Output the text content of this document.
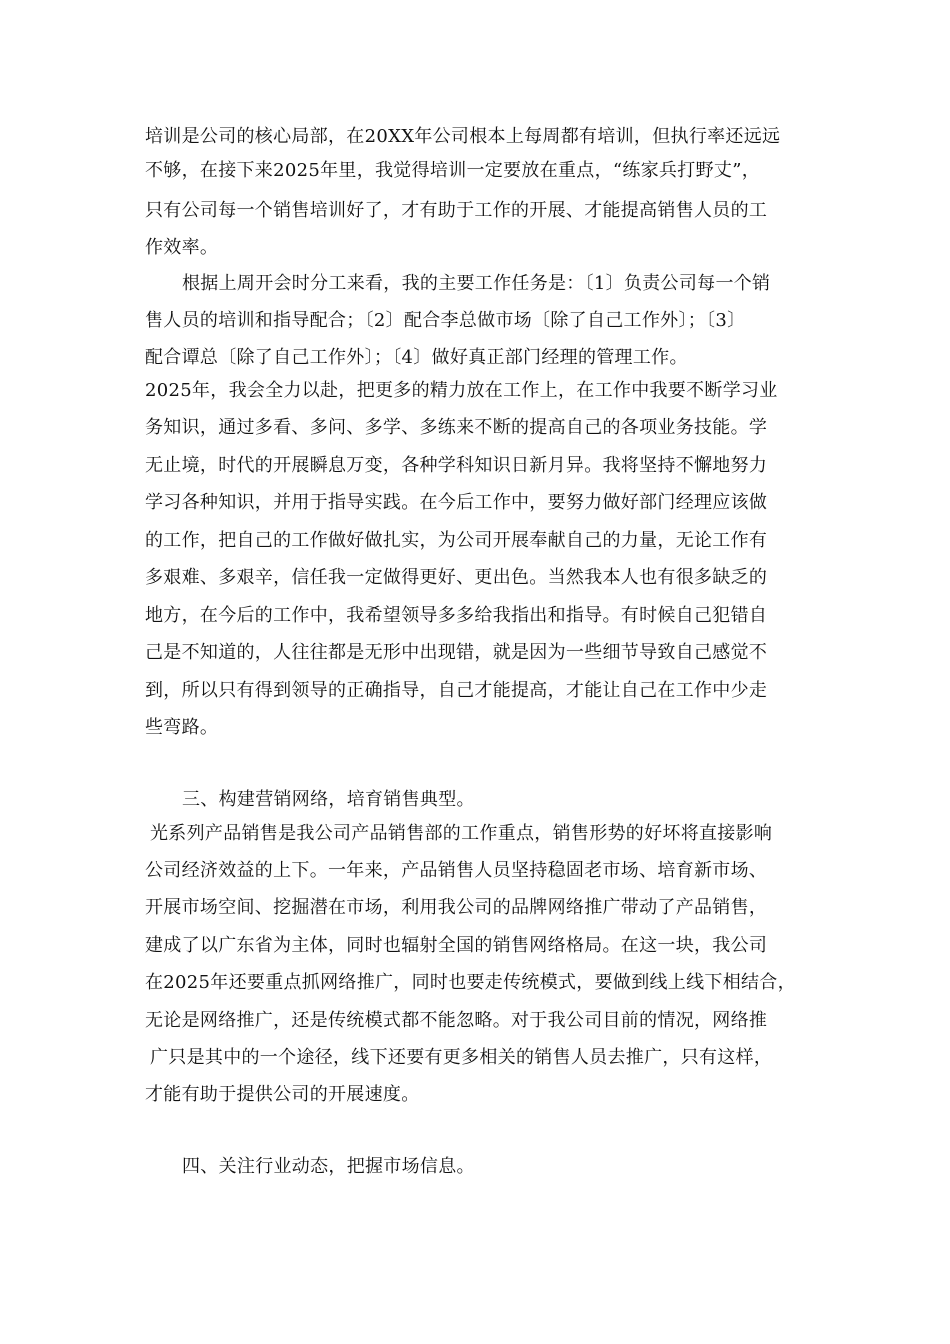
培训是公司的核心局部，在20XX年公司根本上每周都有培训，但执行率还远远
不够，在接下来2025年里，我觉得培训一定要放在重点，“练家兵打野丈”，
只有公司每一个销售培训好了，才有助于工作的开展、才能提高销售人员的工
作效率。
根据上周开会时分工来看，我的主要工作任务是：〔1〕负责公司每一个销
售人员的培训和指导配合；〔2〕配合李总做市场〔除了自己工作外〕；〔3〕
配合谭总〔除了自己工作外〕；〔4〕做好真正部门经理的管理工作。
2025年，我会全力以赴，把更多的精力放在工作上，在工作中我要不断学习业
务知识，通过多看、多问、多学、多练来不断的提高自己的各项业务技能。学
无止境，时代的开展瞬息万变，各种学科知识日新月异。我将坚持不懈地努力
学习各种知识，并用于指导实践。在今后工作中，要努力做好部门经理应该做
的工作，把自己的工作做好做扎实，为公司开展奉献自己的力量，无论工作有
多艰难、多艰辛，信任我一定做得更好、更出色。当然我本人也有很多缺乏的
地方，在今后的工作中，我希望领导多多给我指出和指导。有时候自己犯错自
己是不知道的，人往往都是无形中出现错，就是因为一些细节导致自己感觉不
到，所以只有得到领导的正确指导，自己才能提高，才能让自己在工作中少走
些弯路。
三、构建营销网络，培育销售典型。
光系列产品销售是我公司产品销售部的工作重点，销售形势的好坏将直接影响
公司经济效益的上下。一年来，产品销售人员坚持稳固老市场、培育新市场、
开展市场空间、挖掘潜在市场，利用我公司的品牌网络推广带动了产品销售，
建成了以广东省为主体，同时也辐射全国的销售网络格局。在这一块，我公司
在2025年还要重点抓网络推广，同时也要走传统模式，要做到线上线下相结合，
无论是网络推广，还是传统模式都不能忽略。对于我公司目前的情况，网络推
广只是其中的一个途径，线下还要有更多相关的销售人员去推广，只有这样，
才能有助于提供公司的开展速度。
四、关注行业动态，把握市场信息。
